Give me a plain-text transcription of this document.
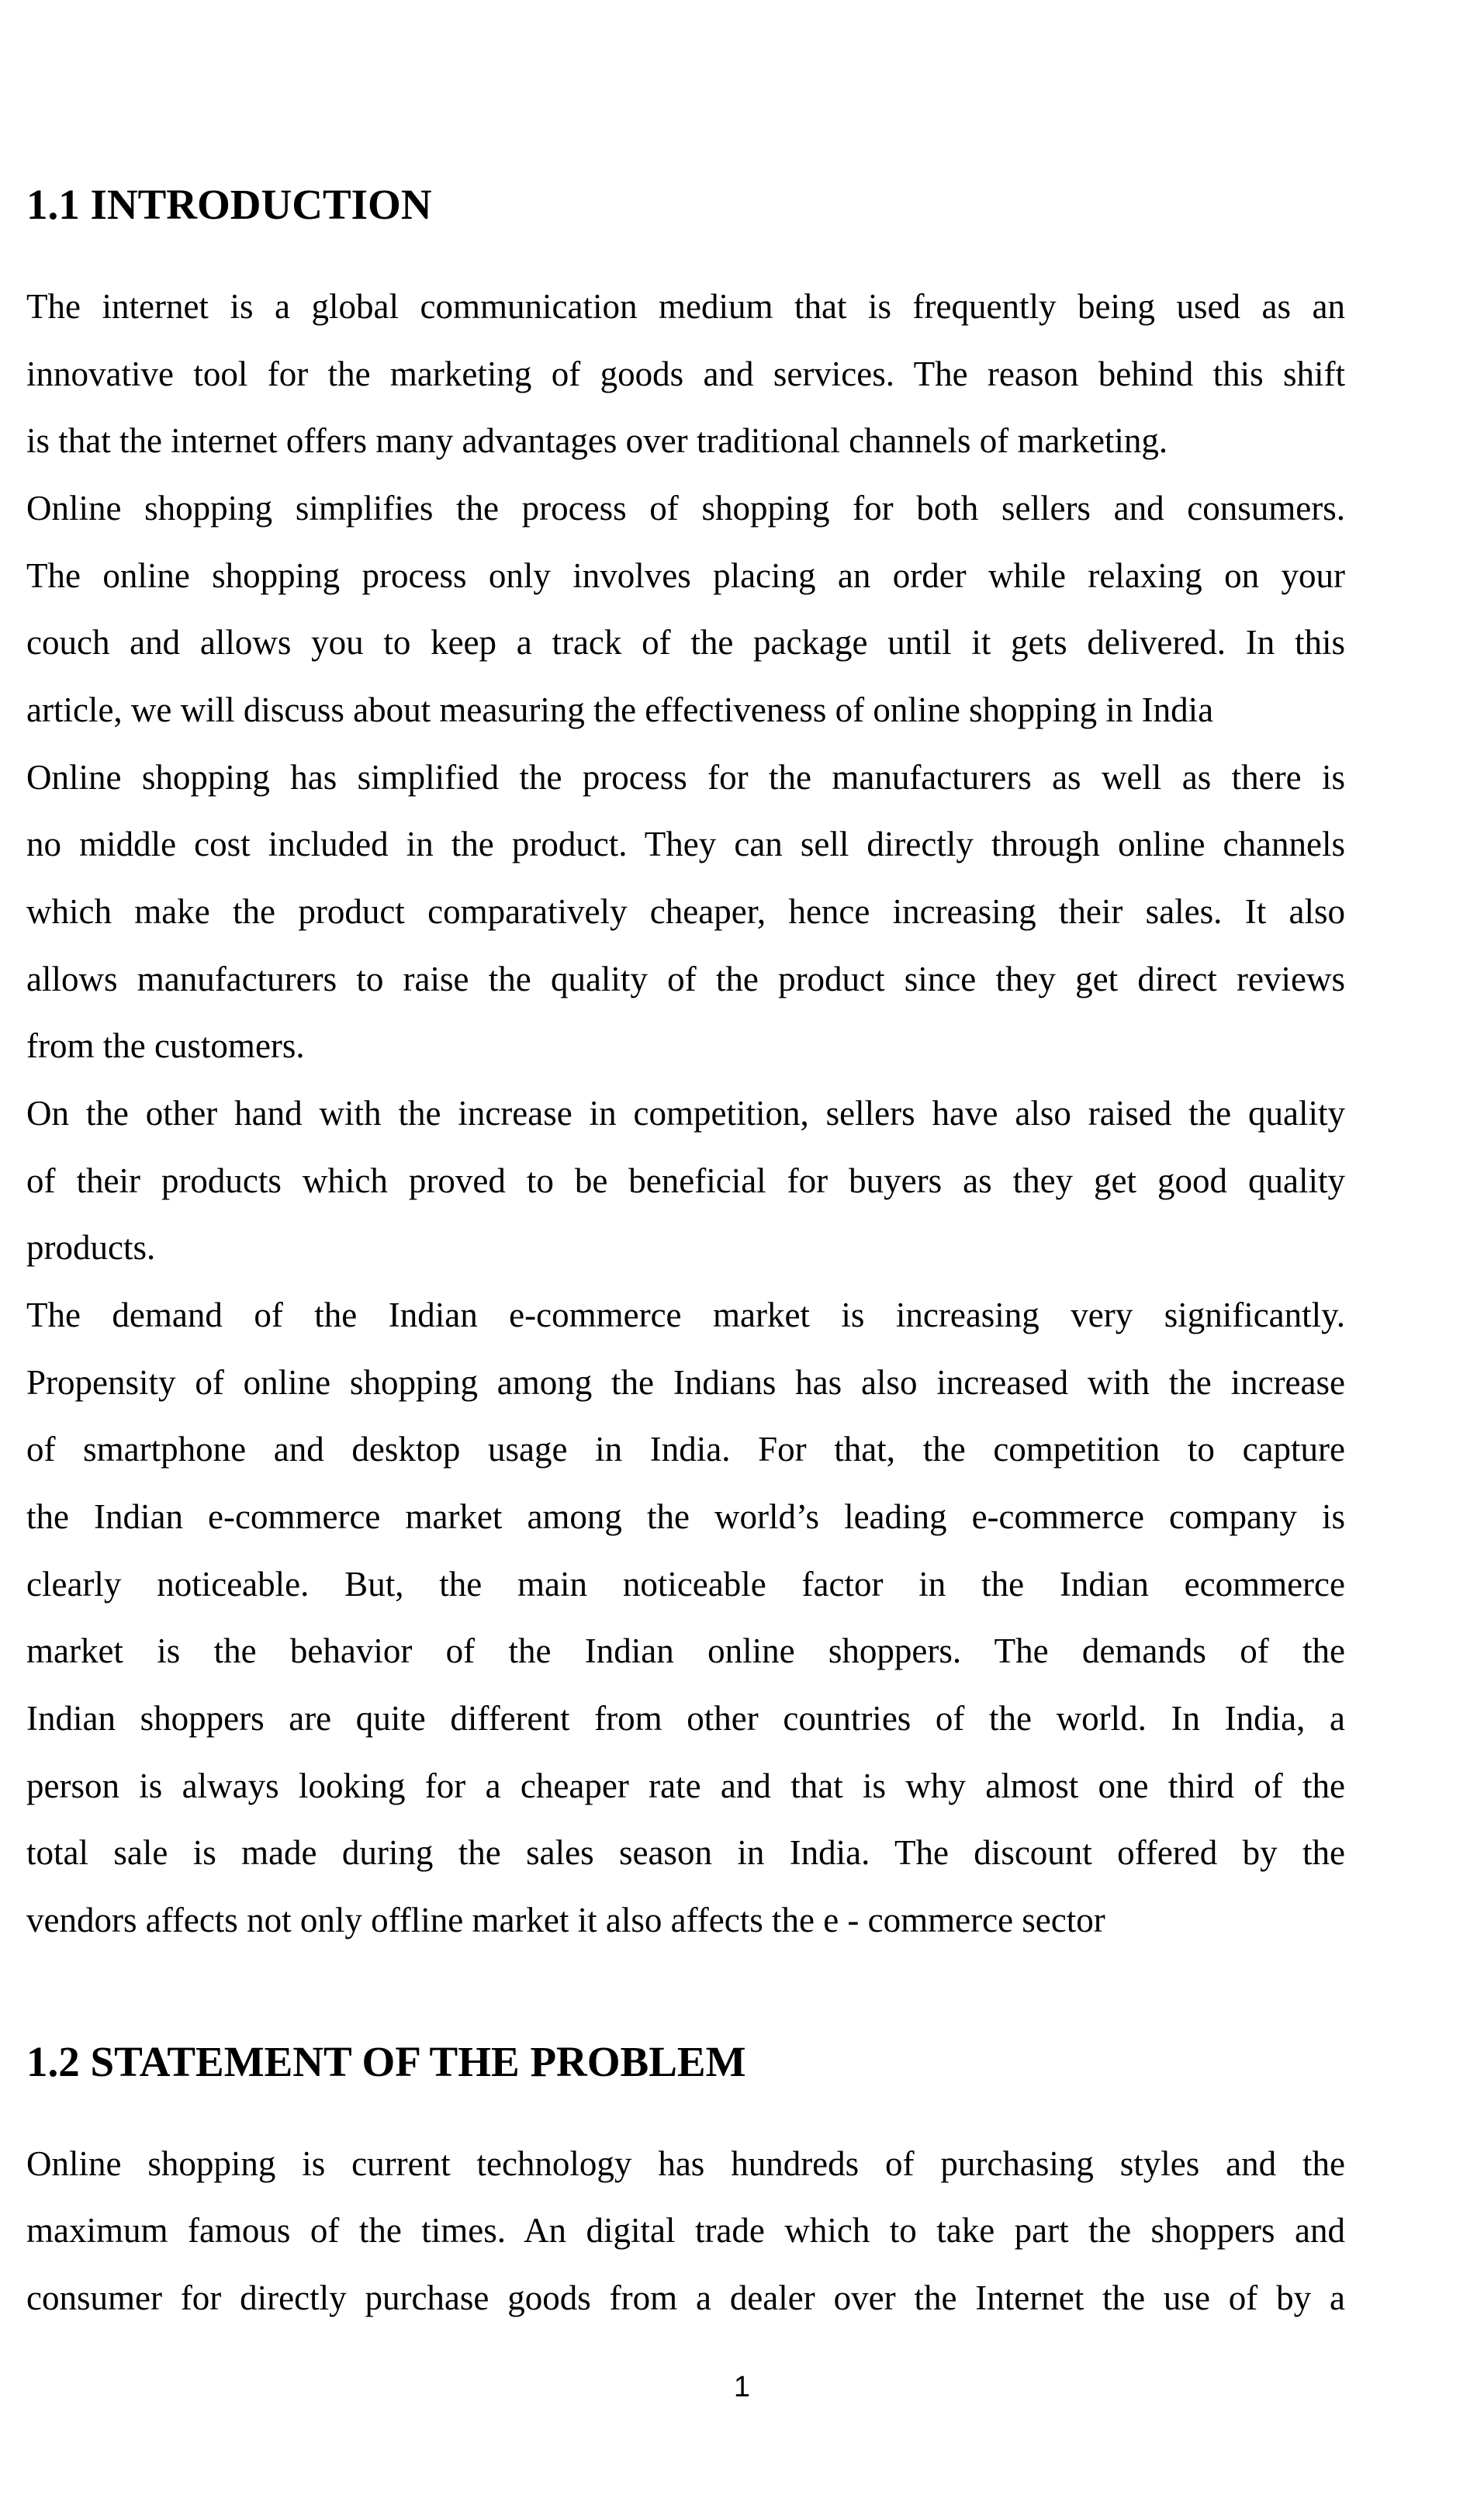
1.1 INTRODUCTION

The internet is a global communication medium that is frequently being used as an

innovative tool for the marketing of goods and services. The reason behind this shift

is that the internet offers many advantages over traditional channels of marketing.

Online shopping simplifies the process of shopping for both sellers and consumers.

The online shopping process only involves placing an order while relaxing on your

couch and allows you to keep a track of the package until it gets delivered. In this

article, we will discuss about measuring the effectiveness of online shopping in India

Online shopping has simplified the process for the manufacturers as well as there is

no middle cost included in the product. They can sell directly through online channels

which make the product comparatively cheaper, hence increasing their sales. It also

allows manufacturers to raise the quality of the product since they get direct reviews

from the customers.

On the other hand with the increase in competition, sellers have also raised the quality

of their products which proved to be beneficial for buyers as they get good quality

products.

The demand of the Indian e-commerce market is increasing very significantly.

Propensity of online shopping among the Indians has also increased with the increase

of smartphone and desktop usage in India. For that, the competition to capture

the Indian e-commerce market among the world’s leading e-commerce company is

clearly noticeable. But, the main noticeable factor in the Indian ecommerce

market is the behavior of the Indian online shoppers. The demands of the

Indian shoppers are quite different from other countries of the world. In India, a

person is always looking for a cheaper rate and that is why almost one third of the

total sale is made during the sales season in India. The discount offered by the

vendors affects not only offline market it also affects the e - commerce sector

1.2 STATEMENT OF THE PROBLEM

Online shopping is current technology has hundreds of purchasing styles and the

maximum famous of the times. An digital trade which to take part the shoppers and

consumer for directly purchase goods from a dealer over the Internet the use of by a

1
